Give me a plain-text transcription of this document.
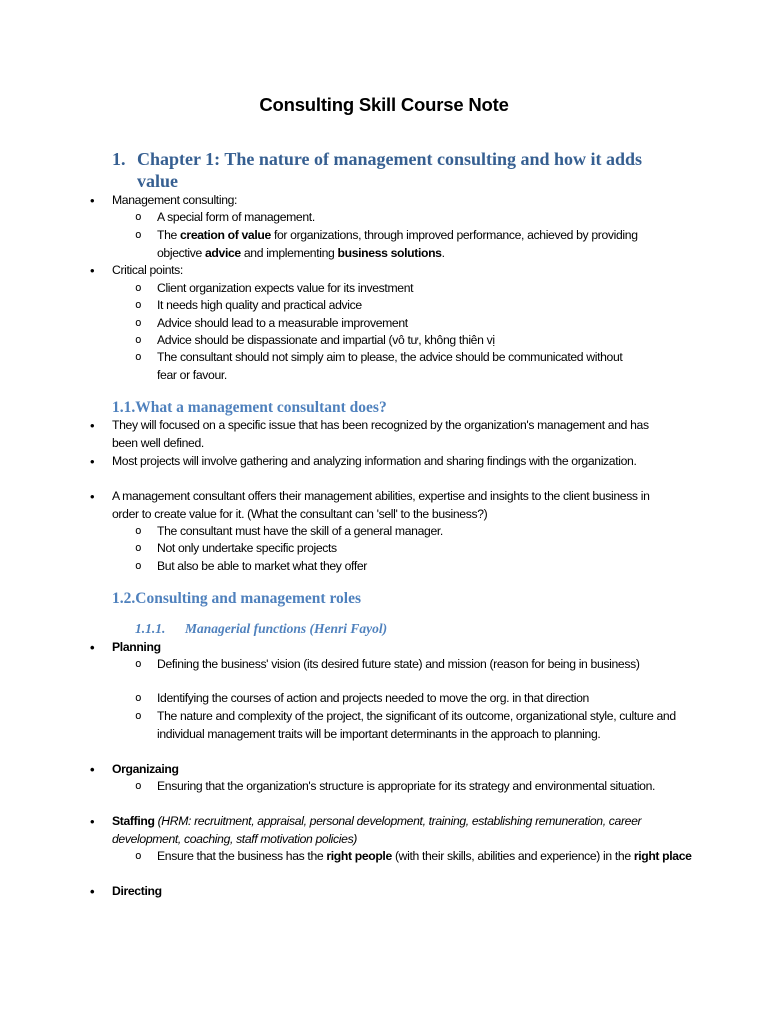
Consulting Skill Course Note
1. Chapter 1: The nature of management consulting and how it adds value
• Management consulting:
o A special form of management.
o The creation of value for organizations, through improved performance, achieved by providing objective advice and implementing business solutions.
• Critical points:
o Client organization expects value for its investment
o It needs high quality and practical advice
o Advice should lead to a measurable improvement
o Advice should be dispassionate and impartial (vô tư, không thiên vị
o The consultant should not simply aim to please, the advice should be communicated without fear or favour.
1.1.What a management consultant does?
• They will focused on a specific issue that has been recognized by the organization's management and has been well defined.
• Most projects will involve gathering and analyzing information and sharing findings with the organization.
• A management consultant offers their management abilities, expertise and insights to the client business in order to create value for it. (What the consultant can 'sell' to the business?)
o The consultant must have the skill of a general manager.
o Not only undertake specific projects
o But also be able to market what they offer
1.2.Consulting and management roles
1.1.1. Managerial functions (Henri Fayol)
• Planning
o Defining the business' vision (its desired future state) and mission (reason for being in business)
o Identifying the courses of action and projects needed to move the org. in that direction
o The nature and complexity of the project, the significant of its outcome, organizational style, culture and individual management traits will be important determinants in the approach to planning.
• Organizaing
o Ensuring that the organization's structure is appropriate for its strategy and environmental situation.
• Staffing (HRM: recruitment, appraisal, personal development, training, establishing remuneration, career development, coaching, staff motivation policies)
o Ensure that the business has the right people (with their skills, abilities and experience) in the right place
• Directing
